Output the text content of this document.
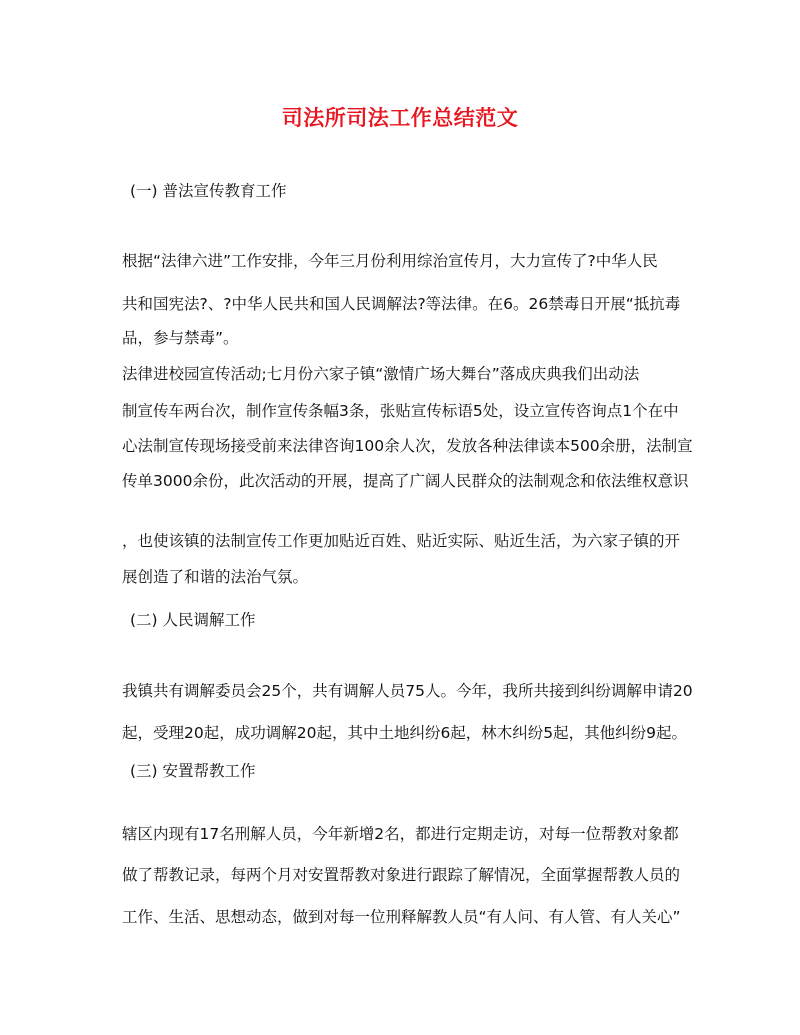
司法所司法工作总结范文
(一) 普法宣传教育工作
根据“法律六进”工作安排，今年三月份利用综治宣传月，大力宣传了?中华人民
共和国宪法?、?中华人民共和国人民调解法?等法律。在6。26禁毒日开展“抵抗毒
品，参与禁毒”。
法律进校园宣传活动;七月份六家子镇“激情广场大舞台”落成庆典我们出动法
制宣传车两台次，制作宣传条幅3条，张贴宣传标语5处，设立宣传咨询点1个在中
心法制宣传现场接受前来法律咨询100余人次，发放各种法律读本500余册，法制宣
传单3000余份，此次活动的开展，提高了广阔人民群众的法制观念和依法维权意识
，也使该镇的法制宣传工作更加贴近百姓、贴近实际、贴近生活，为六家子镇的开
展创造了和谐的法治气氛。
(二) 人民调解工作
我镇共有调解委员会25个，共有调解人员75人。今年，我所共接到纠纷调解申请20
起，受理20起，成功调解20起，其中土地纠纷6起，林木纠纷5起，其他纠纷9起。
(三) 安置帮教工作
辖区内现有17名刑解人员，今年新增2名，都进行定期走访，对每一位帮教对象都
做了帮教记录，每两个月对安置帮教对象进行跟踪了解情况，全面掌握帮教人员的
工作、生活、思想动态，做到对每一位刑释解教人员“有人问、有人管、有人关心”
